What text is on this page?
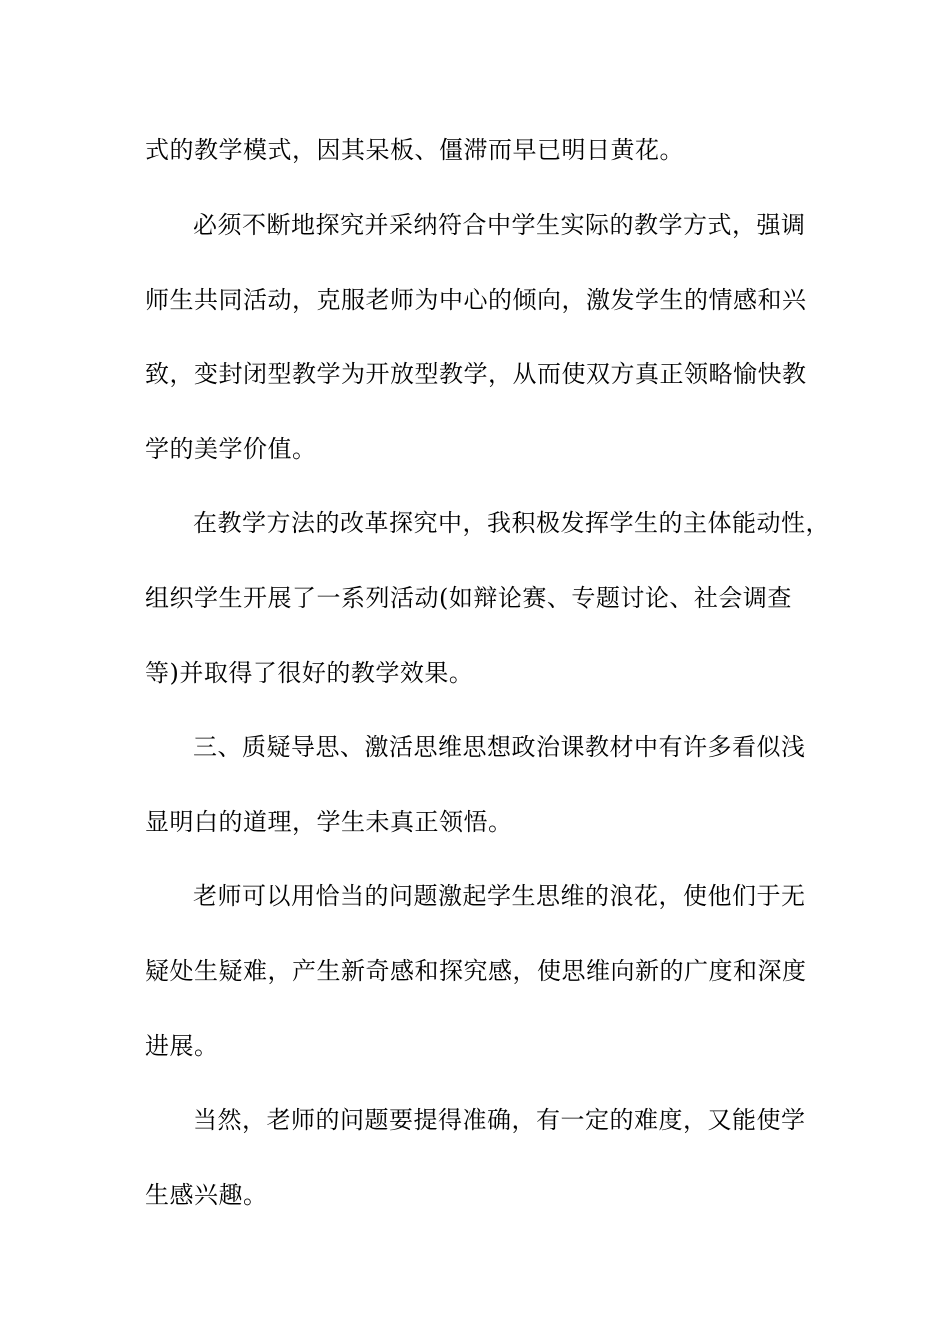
式的教学模式，因其呆板、僵滞而早已明日黄花。
必须不断地探究并采纳符合中学生实际的教学方式，强调
师生共同活动，克服老师为中心的倾向，激发学生的情感和兴
致，变封闭型教学为开放型教学，从而使双方真正领略愉快教
学的美学价值。
在教学方法的改革探究中，我积极发挥学生的主体能动性，
组织学生开展了一系列活动(如辩论赛、专题讨论、社会调查
等)并取得了很好的教学效果。
三、质疑导思、激活思维思想政治课教材中有许多看似浅
显明白的道理，学生未真正领悟。
老师可以用恰当的问题激起学生思维的浪花，使他们于无
疑处生疑难，产生新奇感和探究感，使思维向新的广度和深度
进展。
当然，老师的问题要提得准确，有一定的难度，又能使学
生感兴趣。
